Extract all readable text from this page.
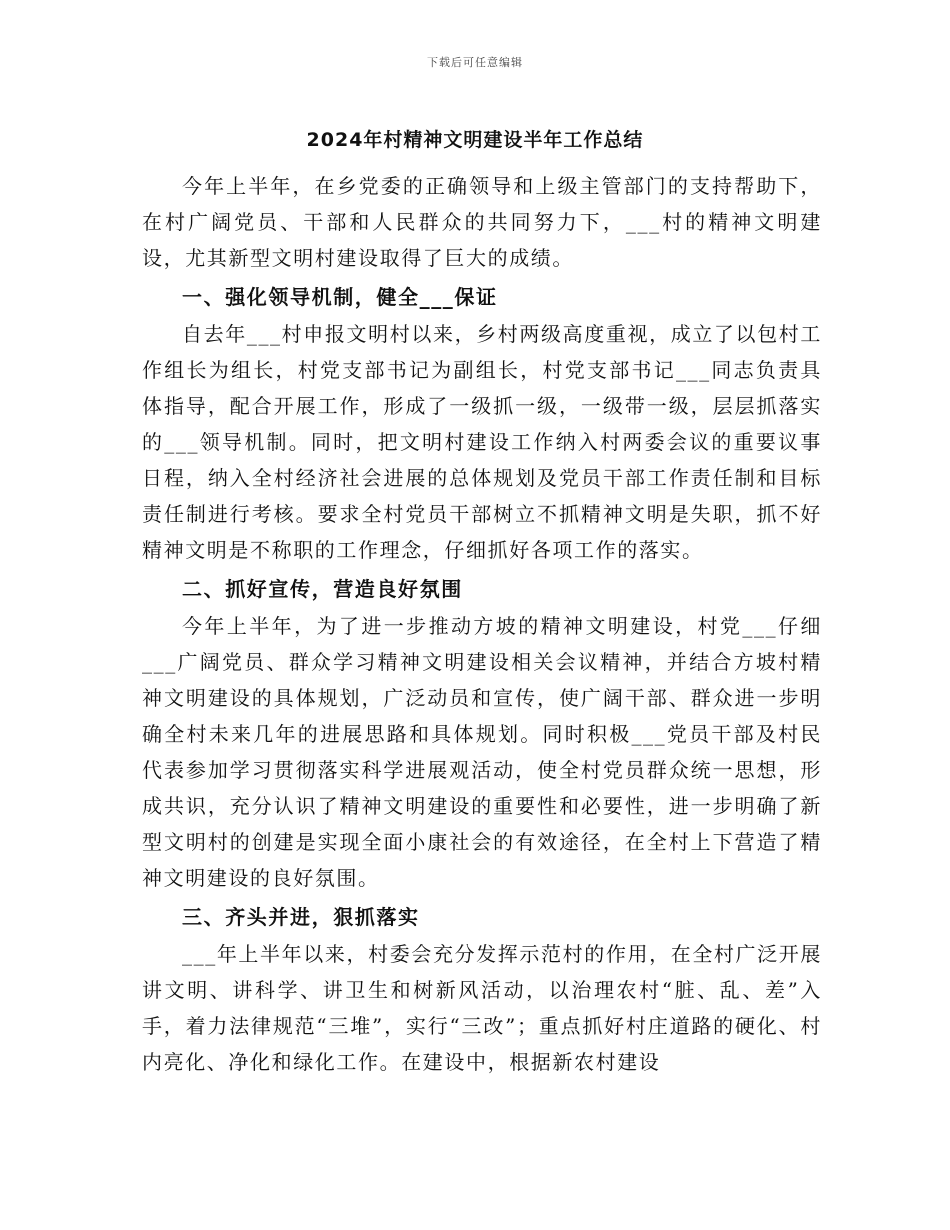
下载后可任意编辑
2024年村精神文明建设半年工作总结

今年上半年，在乡党委的正确领导和上级主管部门的支持帮助下，在村广阔党员、干部和人民群众的共同努力下，___村的精神文明建设，尤其新型文明村建设取得了巨大的成绩。

一、强化领导机制，健全___保证

自去年___村申报文明村以来，乡村两级高度重视，成立了以包村工作组长为组长，村党支部书记为副组长，村党支部书记___同志负责具体指导，配合开展工作，形成了一级抓一级，一级带一级，层层抓落实的___领导机制。同时，把文明村建设工作纳入村两委会议的重要议事日程，纳入全村经济社会进展的总体规划及党员干部工作责任制和目标责任制进行考核。要求全村党员干部树立不抓精神文明是失职，抓不好精神文明是不称职的工作理念，仔细抓好各项工作的落实。

二、抓好宣传，营造良好氛围

今年上半年，为了进一步推动方坡的精神文明建设，村党___仔细___广阔党员、群众学习精神文明建设相关会议精神，并结合方坡村精神文明建设的具体规划，广泛动员和宣传，使广阔干部、群众进一步明确全村未来几年的进展思路和具体规划。同时积极___党员干部及村民代表参加学习贯彻落实科学进展观活动，使全村党员群众统一思想，形成共识，充分认识了精神文明建设的重要性和必要性，进一步明确了新型文明村的创建是实现全面小康社会的有效途径，在全村上下营造了精神文明建设的良好氛围。

三、齐头并进，狠抓落实

___年上半年以来，村委会充分发挥示范村的作用，在全村广泛开展讲文明、讲科学、讲卫生和树新风活动，以治理农村“脏、乱、差”入手，着力法律规范“三堆”，实行“三改”；重点抓好村庄道路的硬化、村内亮化、净化和绿化工作。在建设中，根据新农村建设
